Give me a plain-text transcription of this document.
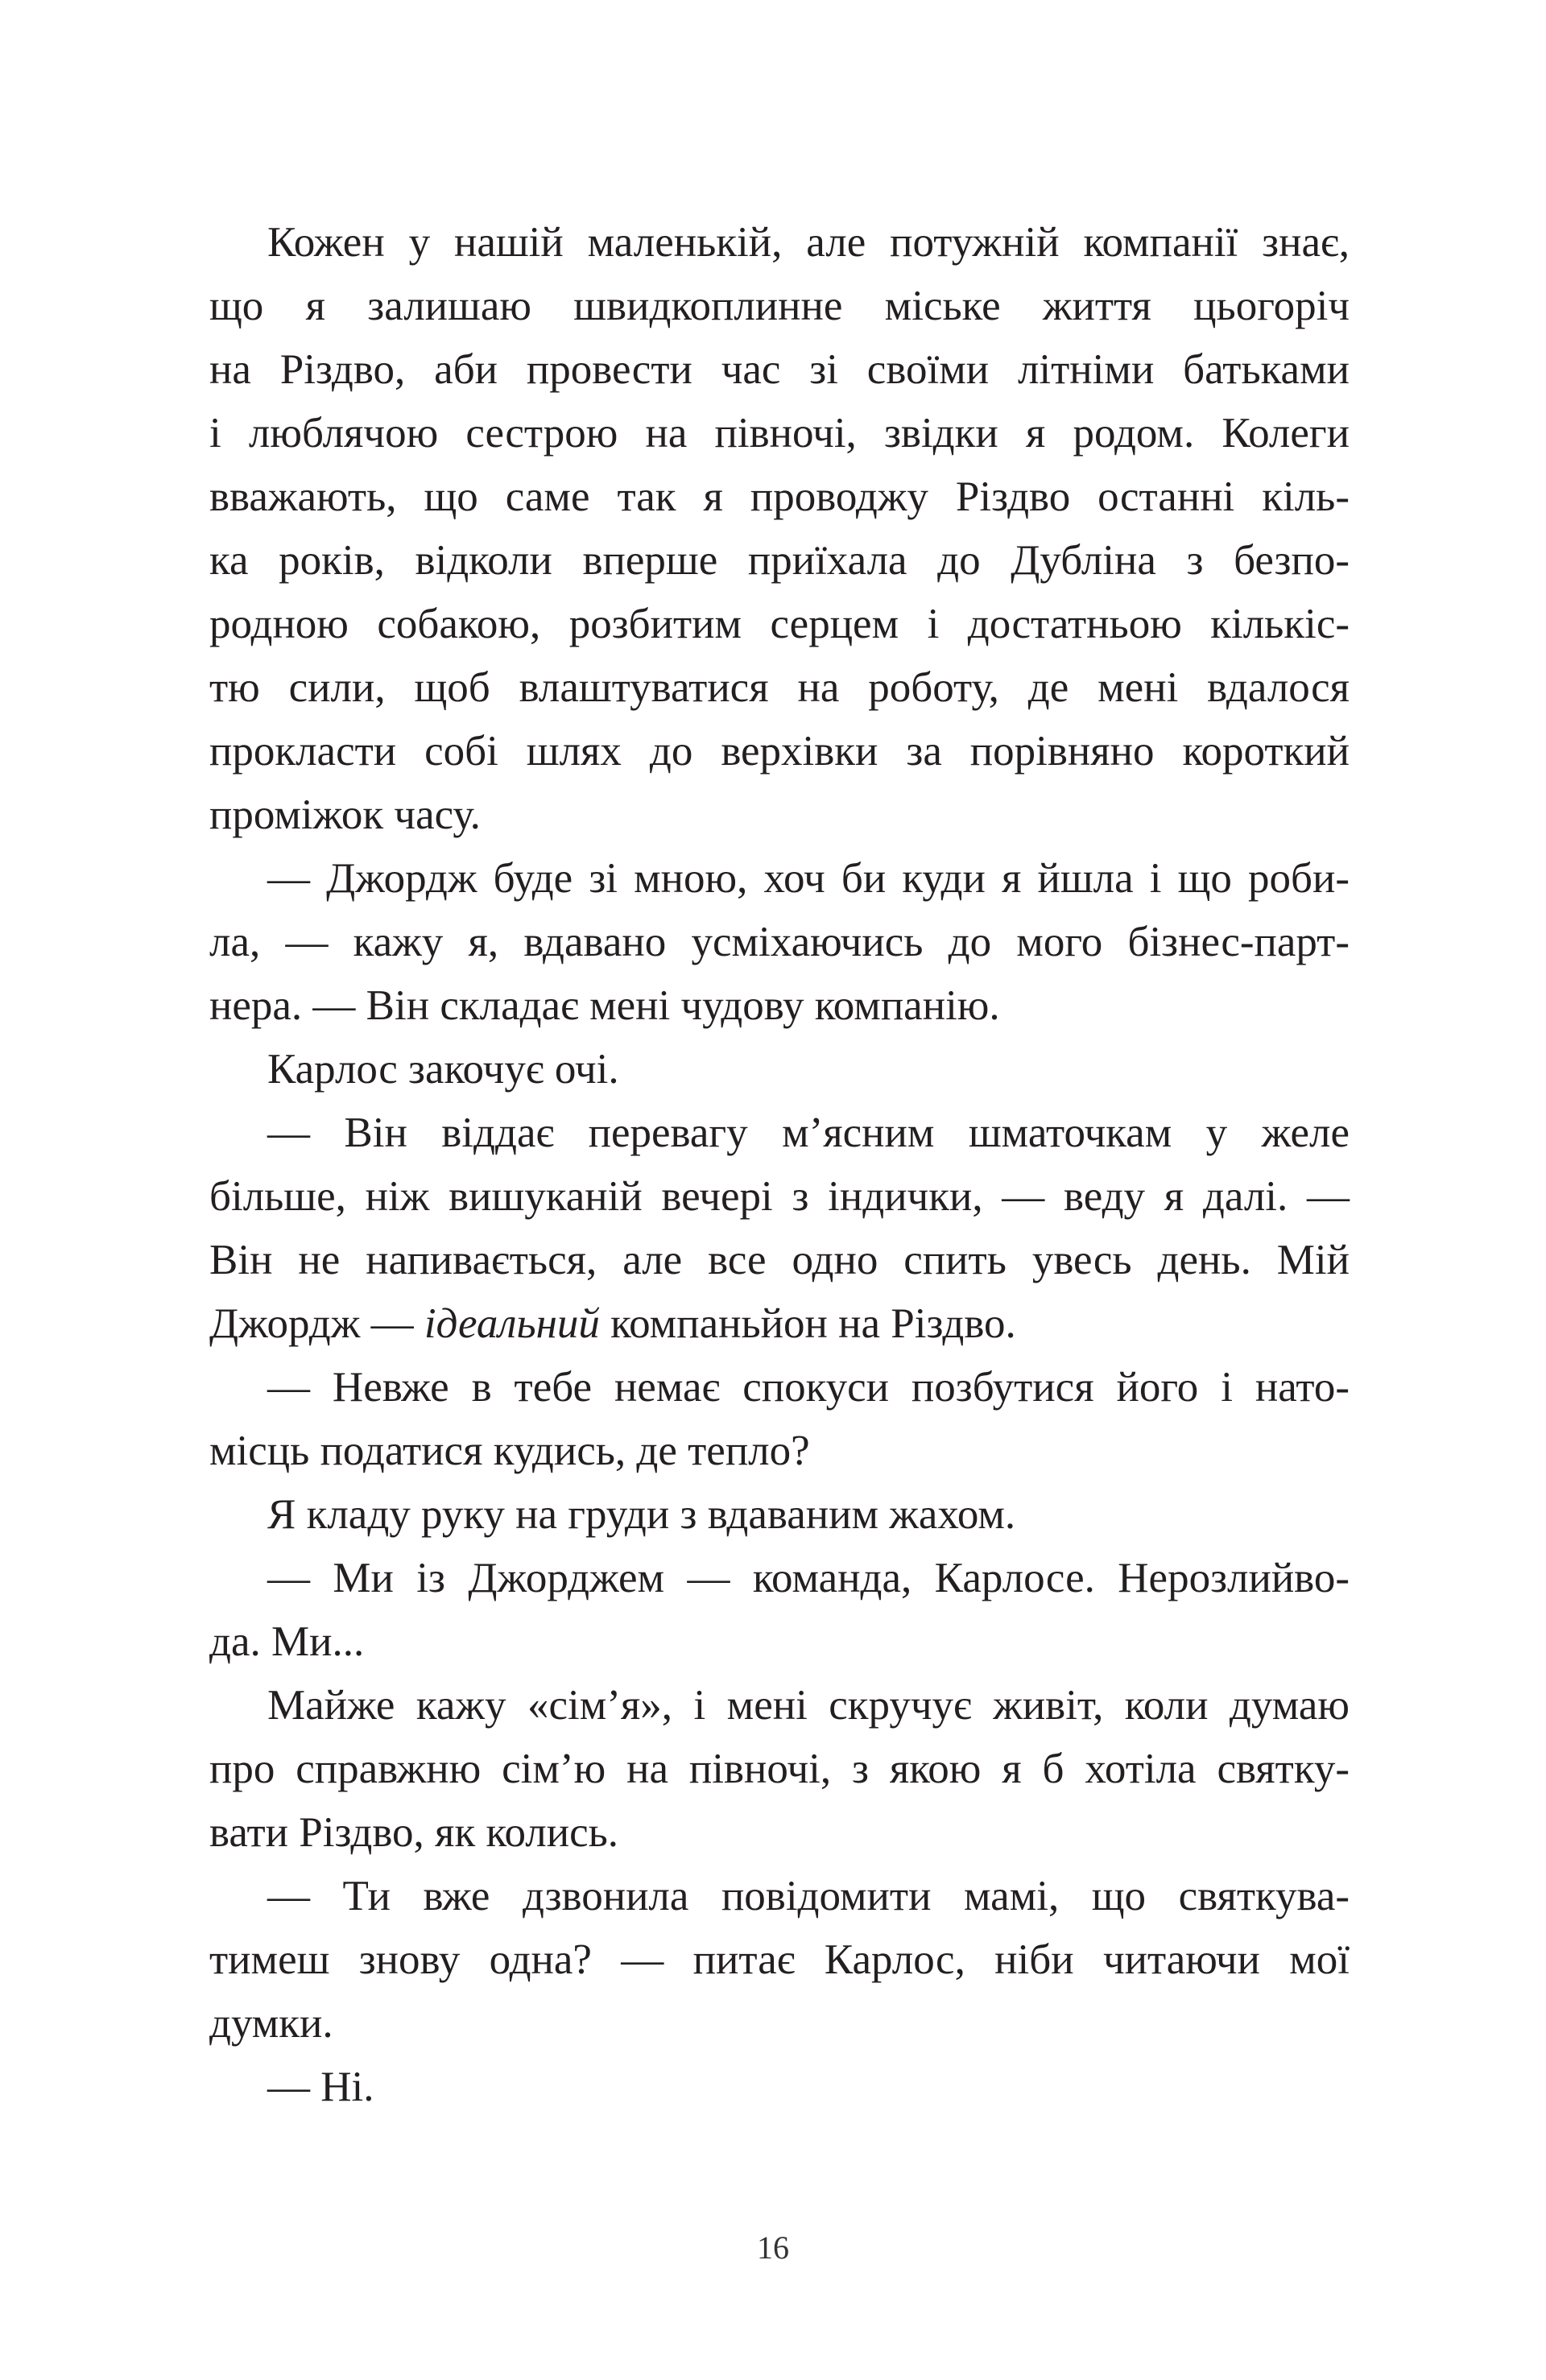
Кожен у нашій маленькій, але потужній компанії знає,
що я залишаю швидкоплинне міське життя цьогоріч
на Різдво, аби провести час зі своїми літніми батьками
і люблячою сестрою на півночі, звідки я родом. Колеги
вважають, що саме так я проводжу Різдво останні кіль-
ка років, відколи вперше приїхала до Дубліна з безпо-
родною собакою, розбитим серцем і достатньою кількіс-
тю сили, щоб влаштуватися на роботу, де мені вдалося
прокласти собі шлях до верхівки за порівняно короткий
проміжок часу.
— Джордж буде зі мною, хоч би куди я йшла і що роби-
ла, — кажу я, вдавано усміхаючись до мого бізнес-парт-
нера. — Він складає мені чудову компанію.
Карлос закочує очі.
— Він віддає перевагу м’ясним шматочкам у желе
більше, ніж вишуканій вечері з індички, — веду я далі. —
Він не напивається, але все одно спить увесь день. Мій
Джордж — ідеальний компаньйон на Різдво.
— Невже в тебе немає спокуси позбутися його і нато-
місць податися кудись, де тепло?
Я кладу руку на груди з вдаваним жахом.
— Ми із Джорджем — команда, Карлосе. Нерозлийво-
да. Ми...
Майже кажу «сім’я», і мені скручує живіт, коли думаю
про справжню сім’ю на півночі, з якою я б хотіла святку-
вати Різдво, як колись.
— Ти вже дзвонила повідомити мамі, що святкува-
тимеш знову одна? — питає Карлос, ніби читаючи мої
думки.
— Ні.
16
